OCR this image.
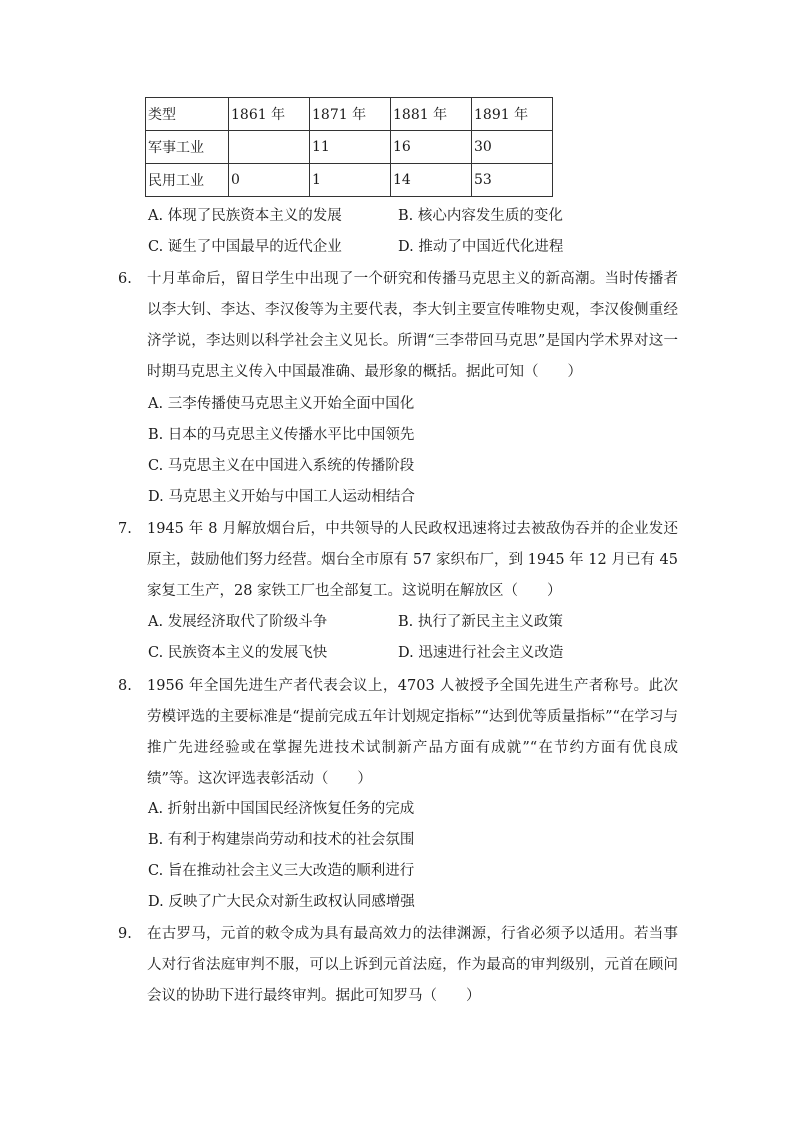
类型	1861 年	1871 年	1881 年	1891 年
军事工业		11	16	30
民用工业	0	1	14	53
A. 体现了民族资本主义的发展	B. 核心内容发生质的变化
C. 诞生了中国最早的近代企业	D. 推动了中国近代化进程
6. 十月革命后，留日学生中出现了一个研究和传播马克思主义的新高潮。当时传播者以李大钊、李达、李汉俊等为主要代表，李大钊主要宣传唯物史观，李汉俊侧重经济学说，李达则以科学社会主义见长。所谓“三李带回马克思”是国内学术界对这一时期马克思主义传入中国最准确、最形象的概括。据此可知（　　）
A. 三李传播使马克思主义开始全面中国化
B. 日本的马克思主义传播水平比中国领先
C. 马克思主义在中国进入系统的传播阶段
D. 马克思主义开始与中国工人运动相结合
7. 1945 年 8 月解放烟台后，中共领导的人民政权迅速将过去被敌伪吞并的企业发还原主，鼓励他们努力经营。烟台全市原有 57 家织布厂，到 1945 年 12 月已有 45 家复工生产，28 家铁工厂也全部复工。这说明在解放区（　　）
A. 发展经济取代了阶级斗争	B. 执行了新民主主义政策
C. 民族资本主义的发展飞快	D. 迅速进行社会主义改造
8. 1956 年全国先进生产者代表会议上，4703 人被授予全国先进生产者称号。此次劳模评选的主要标准是“提前完成五年计划规定指标”“达到优等质量指标”“在学习与推广先进经验或在掌握先进技术试制新产品方面有成就”“在节约方面有优良成绩”等。这次评选表彰活动（　　）
A. 折射出新中国国民经济恢复任务的完成
B. 有利于构建崇尚劳动和技术的社会氛围
C. 旨在推动社会主义三大改造的顺利进行
D. 反映了广大民众对新生政权认同感增强
9. 在古罗马，元首的敕令成为具有最高效力的法律渊源，行省必须予以适用。若当事人对行省法庭审判不服，可以上诉到元首法庭，作为最高的审判级别，元首在顾问会议的协助下进行最终审判。据此可知罗马（　　）
